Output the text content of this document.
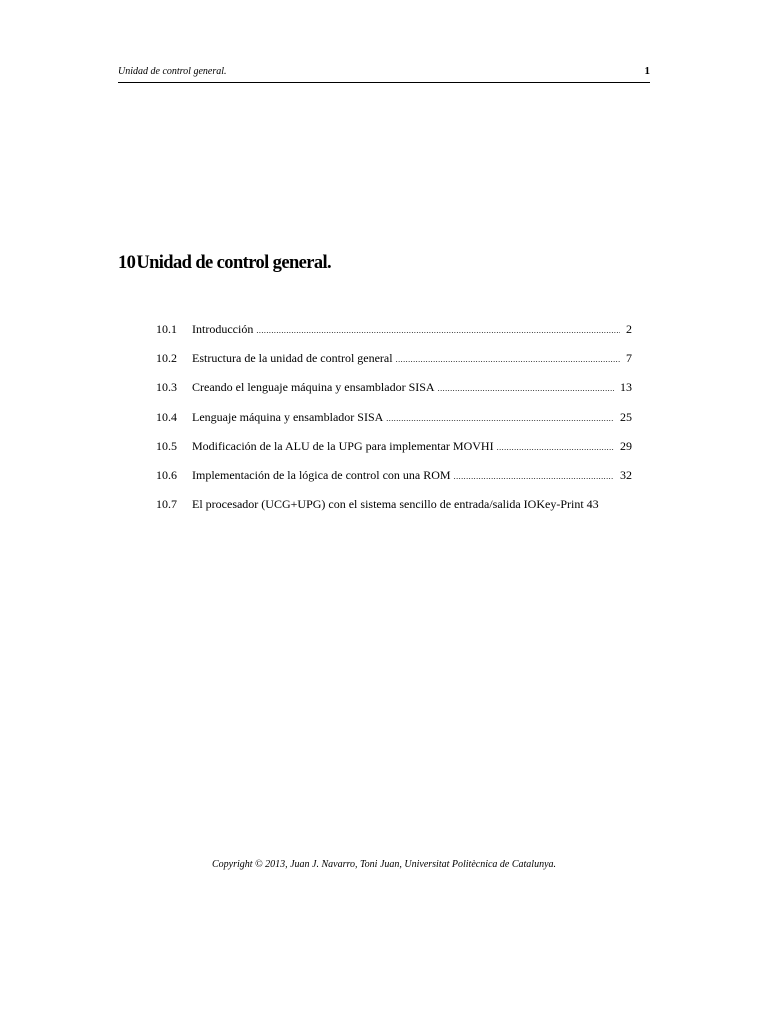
Unidad de control general.	1
10Unidad de control general.
10.1 Introducción .....	2
10.2 Estructura de la unidad de control general .....	7
10.3 Creando el lenguaje máquina y ensamblador SISA .....	13
10.4 Lenguaje máquina y ensamblador SISA .....	25
10.5 Modificación de la ALU de la UPG para implementar MOVHI .....	29
10.6 Implementación de la lógica de control con una ROM .....	32
10.7 El procesador (UCG+UPG) con el sistema sencillo de entrada/salida IOKey-Print 43
Copyright © 2013, Juan J. Navarro, Toni Juan, Universitat Politècnica de Catalunya.
